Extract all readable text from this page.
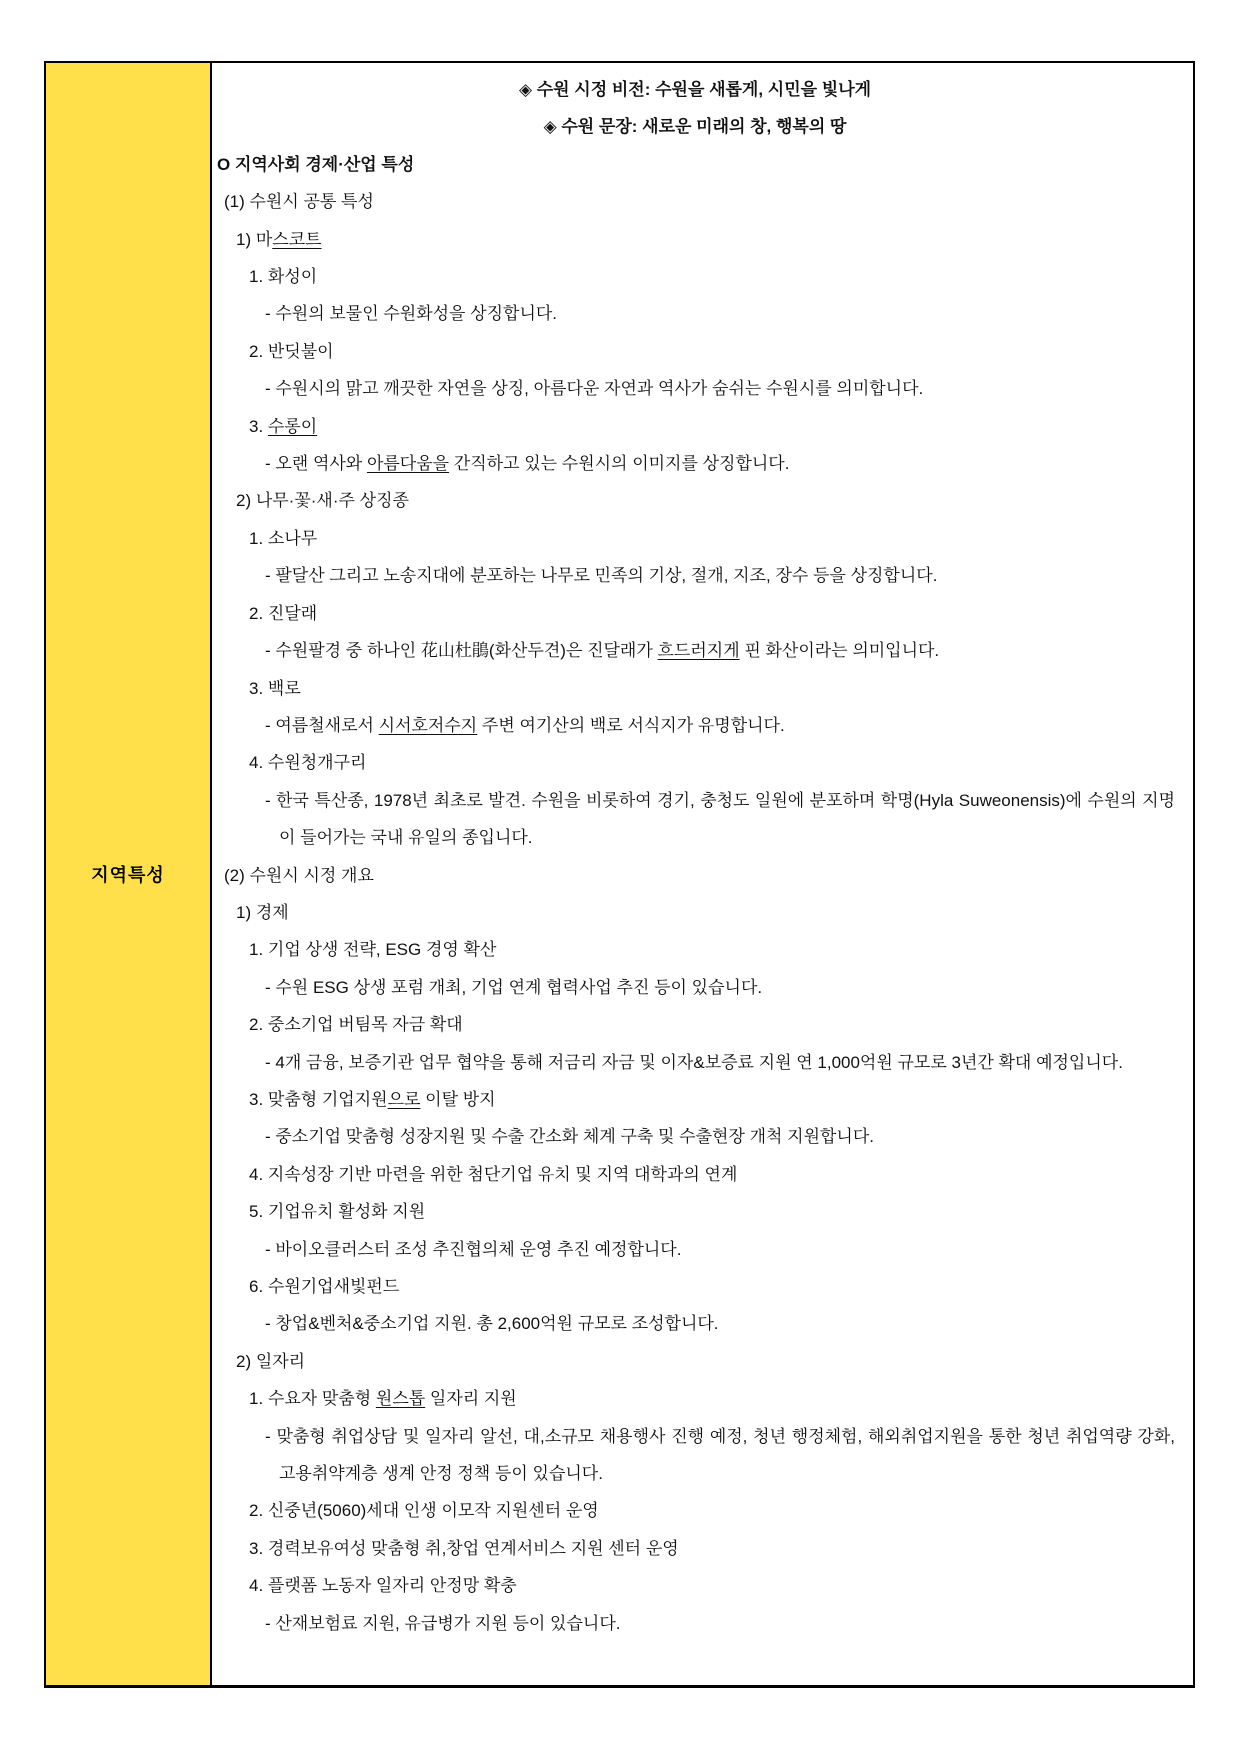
지역특성
◈ 수원 시정 비전: 수원을 새롭게, 시민을 빛나게
◈ 수원 문장: 새로운 미래의 창, 행복의 땅
O 지역사회 경제·산업 특성
(1) 수원시 공통 특성
1) 마스코트
1. 화성이
- 수원의 보물인 수원화성을 상징합니다.
2. 반딧불이
- 수원시의 맑고 깨끗한 자연을 상징, 아름다운 자연과 역사가 숨쉬는 수원시를 의미합니다.
3. 수롱이
- 오랜 역사와 아름다움을 간직하고 있는 수원시의 이미지를 상징합니다.
2) 나무·꽃·새·주 상징종
1. 소나무
- 팔달산 그리고 노송지대에 분포하는 나무로 민족의 기상, 절개, 지조, 장수 등을 상징합니다.
2. 진달래
- 수원팔경 중 하나인 花山杜鵑(화산두견)은 진달래가 흐드러지게 핀 화산이라는 의미입니다.
3. 백로
- 여름철새로서 시서호저수지 주변 여기산의 백로 서식지가 유명합니다.
4. 수원청개구리
- 한국 특산종, 1978년 최초로 발견. 수원을 비롯하여 경기, 충청도 일원에 분포하며 학명(Hyla Suweonensis)에 수원의 지명이 들어가는 국내 유일의 종입니다.
(2) 수원시 시정 개요
1) 경제
1. 기업 상생 전략, ESG 경영 확산
- 수원 ESG 상생 포럼 개최, 기업 연계 협력사업 추진 등이 있습니다.
2. 중소기업 버팀목 자금 확대
- 4개 금융, 보증기관 업무 협약을 통해 저금리 자금 및 이자&보증료 지원 연 1,000억원 규모로 3년간 확대 예정입니다.
3. 맞춤형 기업지원으로 이탈 방지
- 중소기업 맞춤형 성장지원 및 수출 간소화 체계 구축 및 수출현장 개척 지원합니다.
4. 지속성장 기반 마련을 위한 첨단기업 유치 및 지역 대학과의 연계
5. 기업유치 활성화 지원
- 바이오클러스터 조성 추진협의체 운영 추진 예정합니다.
6. 수원기업새빛펀드
- 창업&벤처&중소기업 지원. 총 2,600억원 규모로 조성합니다.
2) 일자리
1. 수요자 맞춤형 원스톱 일자리 지원
- 맞춤형 취업상담 및 일자리 알선, 대,소규모 채용행사 진행 예정, 청년 행정체험, 해외취업지원을 통한 청년 취업역량 강화, 고용취약계층 생계 안정 정책 등이 있습니다.
2. 신중년(5060)세대 인생 이모작 지원센터 운영
3. 경력보유여성 맞춤형 취,창업 연계서비스 지원 센터 운영
4. 플랫폼 노동자 일자리 안정망 확충
- 산재보험료 지원, 유급병가 지원 등이 있습니다.
